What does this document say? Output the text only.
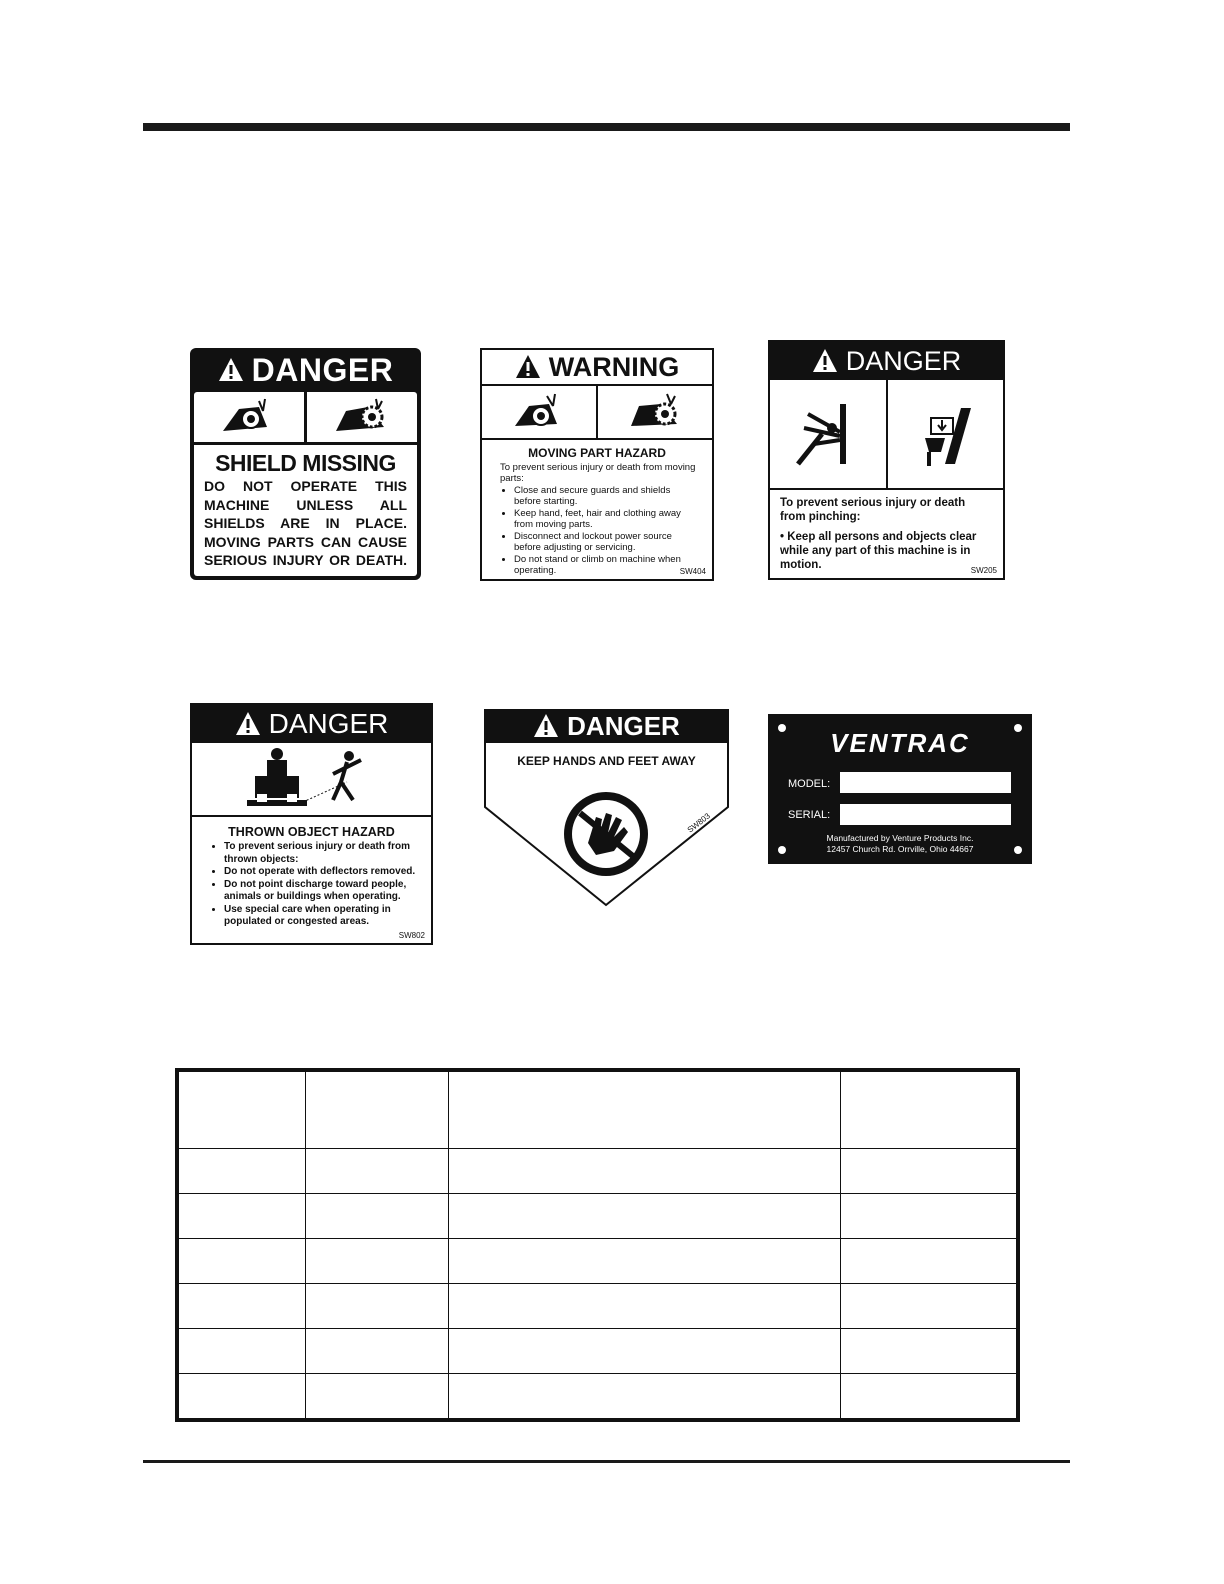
DANGER
SHIELD MISSING
DO NOT OPERATE THIS
MACHINE UNLESS ALL
SHIELDS ARE IN PLACE.
MOVING PARTS CAN CAUSE
SERIOUS INJURY OR DEATH.
WARNING
MOVING PART HAZARD
To prevent serious injury or death from moving parts:
• Close and secure guards and shields before starting.
• Keep hand, feet, hair and clothing away from moving parts.
• Disconnect and lockout power source before adjusting or servicing.
• Do not stand or climb on machine when operating.	SW404
DANGER

To prevent serious injury or death from pinching:

• Keep all persons and objects clear while any part of this machine is in motion.	SW205
DANGER
THROWN OBJECT HAZARD
• To prevent serious injury or death from thrown objects:
• Do not operate with deflectors removed.
• Do not point discharge toward people, animals or buildings when operating.
• Use special care when operating in populated or congested areas.
SW802
SW803
DANGER
KEEP HANDS AND FEET AWAY
VENTRAC
MODEL:
SERIAL:
Manufactured by Venture Products Inc.
12457 Church Rd. Orrville, Ohio 44667
